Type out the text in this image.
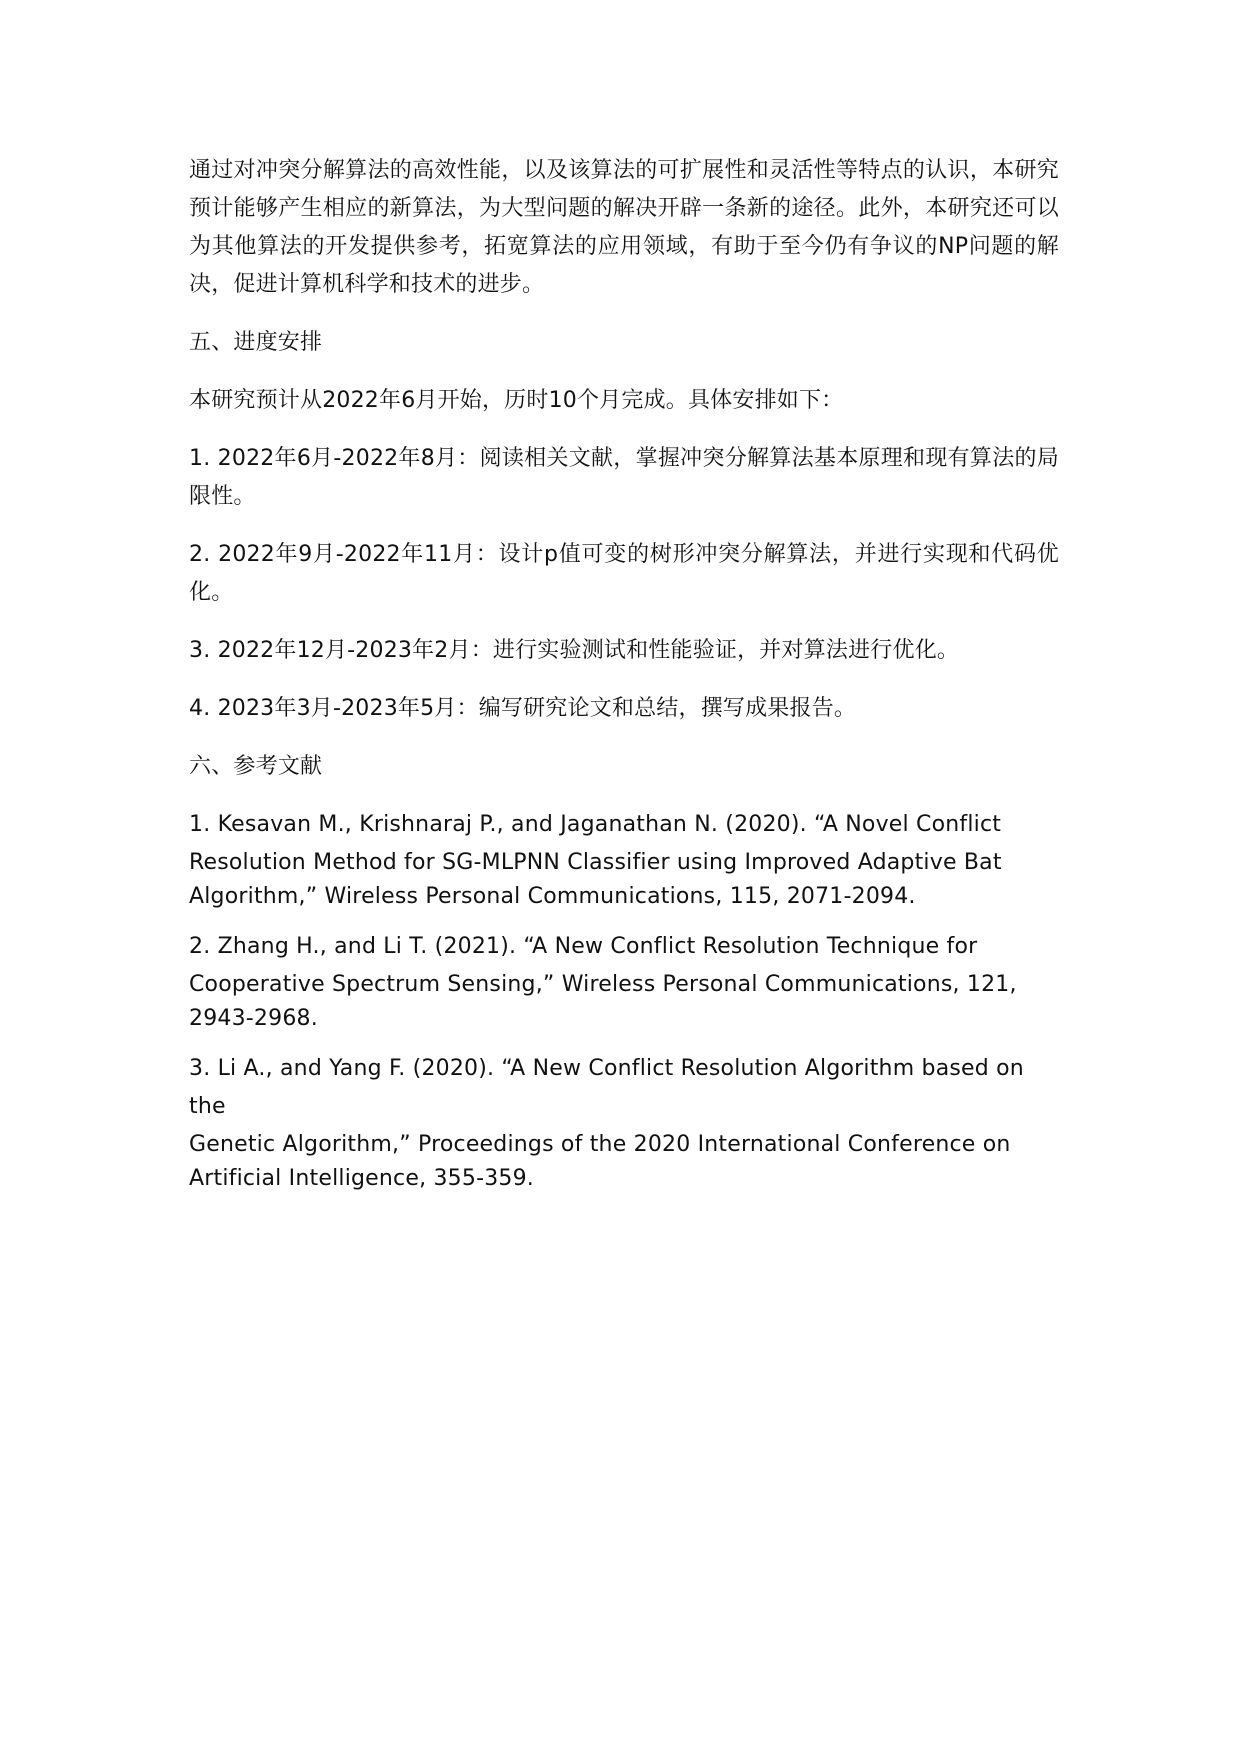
通过对冲突分解算法的高效性能，以及该算法的可扩展性和灵活性等特点的认识，本研究预计能够产生相应的新算法，为大型问题的解决开辟一条新的途径。此外，本研究还可以为其他算法的开发提供参考，拓宽算法的应用领域，有助于至今仍有争议的NP问题的解决，促进计算机科学和技术的进步。

五、进度安排

本研究预计从2022年6月开始，历时10个月完成。具体安排如下：

1. 2022年6月-2022年8月：阅读相关文献，掌握冲突分解算法基本原理和现有算法的局限性。

2. 2022年9月-2022年11月：设计p值可变的树形冲突分解算法，并进行实现和代码优化。

3. 2022年12月-2023年2月：进行实验测试和性能验证，并对算法进行优化。

4. 2023年3月-2023年5月：编写研究论文和总结，撰写成果报告。

六、参考文献

1. Kesavan M., Krishnaraj P., and Jaganathan N. (2020). “A Novel Conflict
Resolution Method for SG-MLPNN Classifier using Improved Adaptive Bat Algorithm,” Wireless Personal Communications, 115, 2071-2094.

2. Zhang H., and Li T. (2021). “A New Conflict Resolution Technique for
Cooperative Spectrum Sensing,” Wireless Personal Communications, 121, 2943-2968.

3. Li A., and Yang F. (2020). “A New Conflict Resolution Algorithm based on the
Genetic Algorithm,” Proceedings of the 2020 International Conference on Artificial Intelligence, 355-359.
